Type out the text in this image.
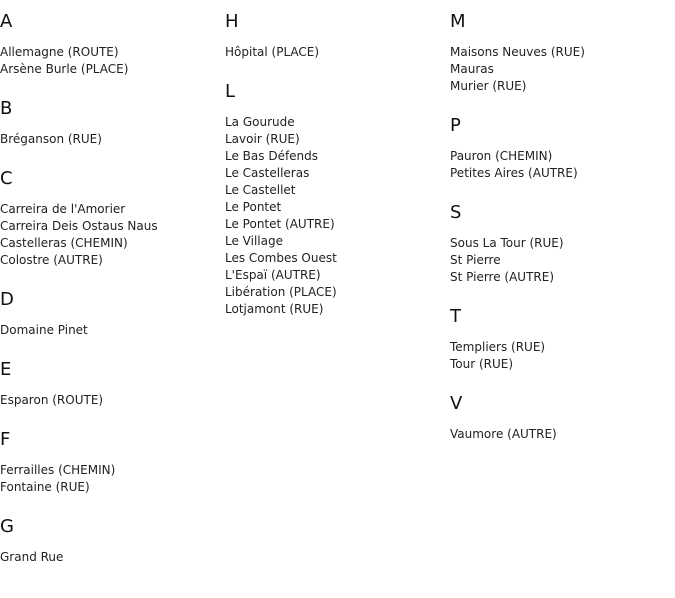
A
Allemagne (ROUTE)
Arsène Burle (PLACE)
B
Bréganson (RUE)
C
Carreira de l'Amorier
Carreira Deis Ostaus Naus
Castelleras (CHEMIN)
Colostre (AUTRE)
D
Domaine Pinet
E
Esparon (ROUTE)
F
Ferrailles (CHEMIN)
Fontaine (RUE)
G
Grand Rue
H
Hôpital (PLACE)
L
La Gourude
Lavoir (RUE)
Le Bas Défends
Le Castelleras
Le Castellet
Le Pontet
Le Pontet (AUTRE)
Le Village
Les Combes Ouest
L'Espaï (AUTRE)
Libération (PLACE)
Lotjamont (RUE)
M
Maisons Neuves (RUE)
Mauras
Murier (RUE)
P
Pauron (CHEMIN)
Petites Aires (AUTRE)
S
Sous La Tour (RUE)
St Pierre
St Pierre (AUTRE)
T
Templiers (RUE)
Tour (RUE)
V
Vaumore (AUTRE)
